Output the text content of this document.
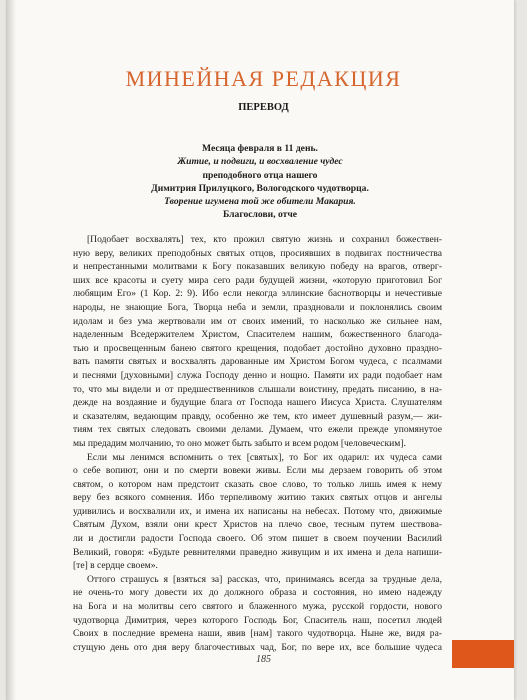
МИНЕЙНАЯ РЕДАКЦИЯ
ПЕРЕВОД
Месяца февраля в 11 день.
Житие, и подвиги, и восхваление чудес
преподобного отца нашего
Димитрия Прилуцкого, Вологодского чудотворца.
Творение игумена той же обители Макария.
Благослови, отче
[Подобает восхвалять] тех, кто прожил святую жизнь и сохранил божествен-
ную веру, великих преподобных святых отцов, просиявших в подвигах постничества
и непрестанными молитвами к Богу показавших великую победу на врагов, отверг-
ших все красоты и суету мира сего ради будущей жизни, «которую приготовил Бог
любящим Его» (1 Кор. 2: 9). Ибо если некогда эллинские баснотворцы и нечестивые
народы, не знающие Бога, Творца неба и земли, праздновали и поклонялись своим
идолам и без ума жертвовали им от своих имений, то насколько же сильнее нам,
наделенным Вседержителем Христом, Спасителем нашим, божественного благода-
тью и просвещенным банею святого крещения, подобает достойно духовно праздно-
вать памяти святых и восхвалять дарованные им Христом Богом чудеса, с псалмами
и песнями [духовными] служа Господу денно и нощно. Памяти их ради подобает нам
то, что мы видели и от предшественников слышали воистину, предать писанию, в на-
дежде на воздаяние и будущие блага от Господа нашего Иисуса Христа. Слушателям
и сказателям, ведающим правду, особенно же тем, кто имеет душевный разум,— жи-
тиям тех святых следовать своими делами. Думаем, что ежели прежде упомянутое
мы предадим молчанию, то оно может быть забыто и всем родом [человеческим].
Если мы ленимся вспомнить о тех [святых], то Бог их одарил: их чудеса сами
о себе вопиют, они и по смерти вовеки живы. Если мы дерзаем говорить об этом
святом, о котором нам предстоит сказать свое слово, то только лишь имея к нему
веру без всякого сомнения. Ибо терпеливому житию таких святых отцов и ангелы
удивились и восхвалили их, и имена их написаны на небесах. Потому что, движимые
Святым Духом, взяли они крест Христов на плечо свое, тесным путем шествова-
ли и достигли радости Господа своего. Об этом пишет в своем поучении Василий
Великий, говоря: «Будьте ревнителями праведно живущим и их имена и дела напиши-
[те] в сердце своем».
Оттого страшусь я [взяться за] рассказ, что, принимаясь всегда за трудные дела,
не очень-то могу довести их до должного образа и состояния, но имею надежду
на Бога и на молитвы сего святого и блаженного мужа, русской гордости, нового
чудотворца Димитрия, через которого Господь Бог, Спаситель наш, посетил людей
Своих в последние времена наши, явив [нам] такого чудотворца. Ныне же, видя ра-
стущую день ото дня веру благочестивых чад, Бог, по вере их, все большие чудеса
185
